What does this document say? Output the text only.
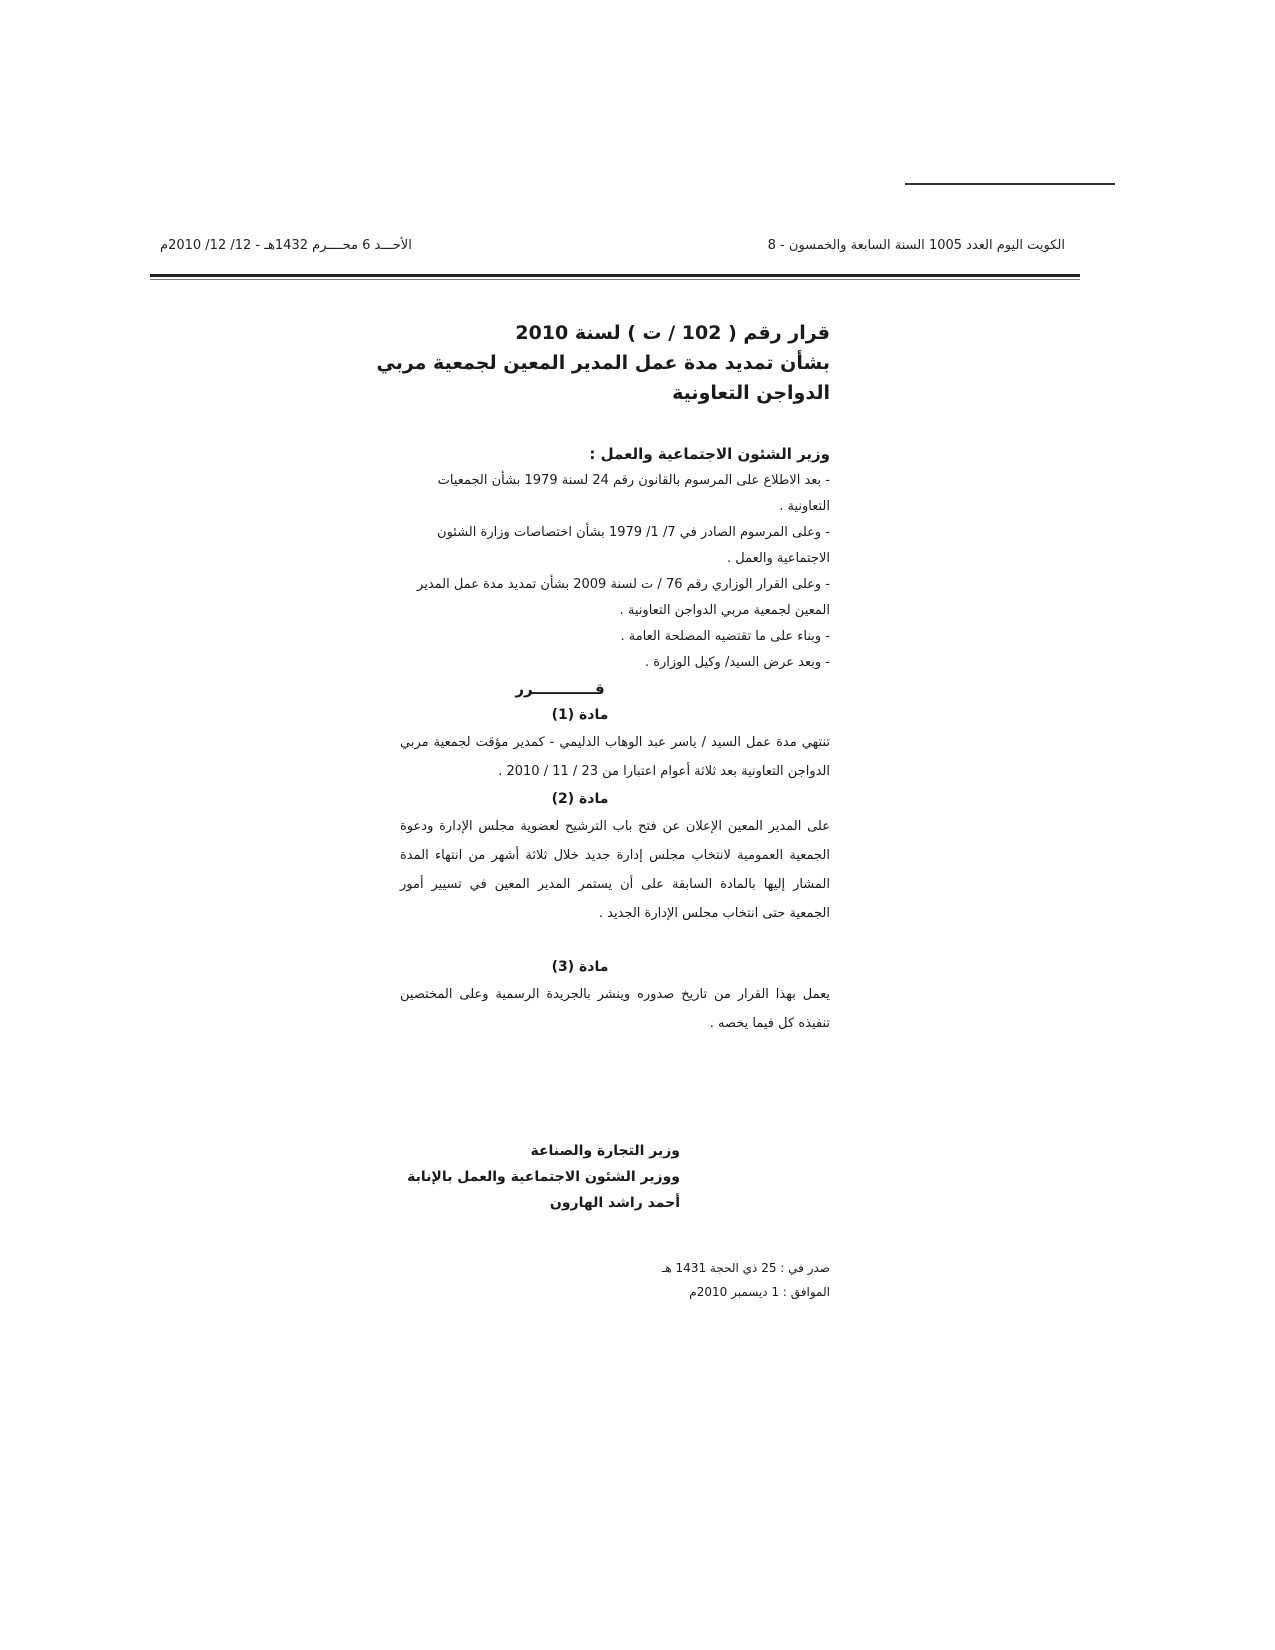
الأحـــد 6 محــــرم 1432هـ - 12/ 12/ 2010م	الكويت اليوم العدد 1005 السنة السابعة والخمسون - 8
قرار رقم ( 102 / ت ) لسنة 2010
بشأن تمديد مدة عمل المدير المعين لجمعية مربي
الدواجن التعاونية
وزير الشئون الاجتماعية والعمل :
- بعد الاطلاع على المرسوم بالقانون رقم 24 لسنة 1979 بشأن الجمعيات التعاونية .
- وعلى المرسوم الصادر في 7/ 1/ 1979 بشأن اختصاصات وزارة الشئون الاجتماعية والعمل .
- وعلى القرار الوزاري رقم 76 / ت لسنة 2009 بشأن تمديد مدة عمل المدير المعين لجمعية مربي الدواجن التعاونية .
- وبناء على ما تقتضيه المصلحة العامة .
- وبعد عرض السيد/ وكيل الوزارة .
قــــــــــــرر
مادة (1)
تنتهي مدة عمل السيد / ياسر عبد الوهاب الدليمي - كمدير مؤقت لجمعية مربي الدواجن التعاونية بعد ثلاثة أعوام اعتبارا من 23 / 11 / 2010 .
مادة (2)
على المدير المعين الإعلان عن فتح باب الترشيح لعضوية مجلس الإدارة ودعوة الجمعية العمومية لانتخاب مجلس إدارة جديد خلال ثلاثة أشهر من انتهاء المدة المشار إليها بالمادة السابقة على أن يستمر المدير المعين في تسيير أمور الجمعية حتى انتخاب مجلس الإدارة الجديد .
مادة (3)
يعمل بهذا القرار من تاريخ صدوره وينشر بالجريدة الرسمية وعلى المختصين تنفيذه كل فيما يخصه .
وزير التجارة والصناعة
ووزير الشئون الاجتماعية والعمل بالإنابة
أحمد راشد الهارون
صدر في : 25 ذي الحجة 1431 هـ
الموافق : 1 ديسمبر 2010م
